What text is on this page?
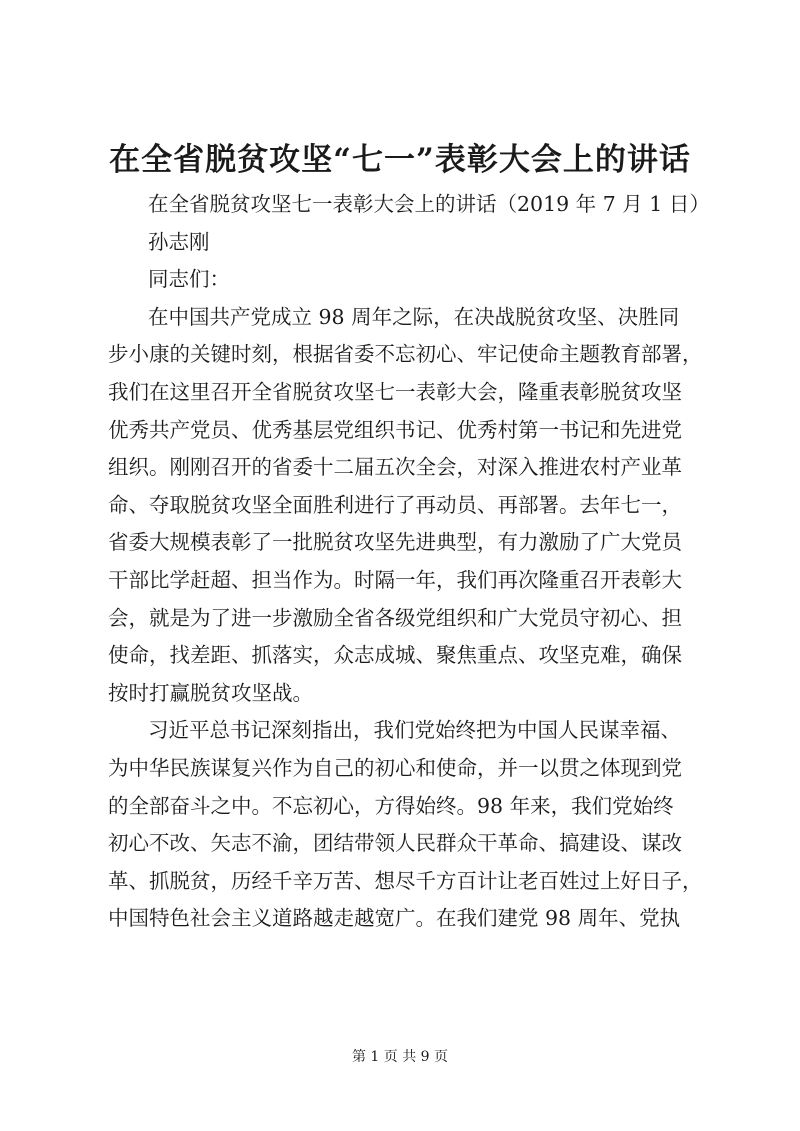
在全省脱贫攻坚“七一”表彰大会上的讲话
在全省脱贫攻坚七一表彰大会上的讲话（2019 年 7 月 1 日）
孙志刚
同志们：
在中国共产党成立 98 周年之际，在决战脱贫攻坚、决胜同
步小康的关键时刻，根据省委不忘初心、牢记使命主题教育部署，
我们在这里召开全省脱贫攻坚七一表彰大会，隆重表彰脱贫攻坚
优秀共产党员、优秀基层党组织书记、优秀村第一书记和先进党
组织。刚刚召开的省委十二届五次全会，对深入推进农村产业革
命、夺取脱贫攻坚全面胜利进行了再动员、再部署。去年七一，
省委大规模表彰了一批脱贫攻坚先进典型，有力激励了广大党员
干部比学赶超、担当作为。时隔一年，我们再次隆重召开表彰大
会，就是为了进一步激励全省各级党组织和广大党员守初心、担
使命，找差距、抓落实，众志成城、聚焦重点、攻坚克难，确保
按时打赢脱贫攻坚战。
习近平总书记深刻指出，我们党始终把为中国人民谋幸福、
为中华民族谋复兴作为自己的初心和使命，并一以贯之体现到党
的全部奋斗之中。不忘初心，方得始终。98 年来，我们党始终
初心不改、矢志不渝，团结带领人民群众干革命、搞建设、谋改
革、抓脱贫，历经千辛万苦、想尽千方百计让老百姓过上好日子，
中国特色社会主义道路越走越宽广。在我们建党 98 周年、党执
第 1 页 共 9 页
